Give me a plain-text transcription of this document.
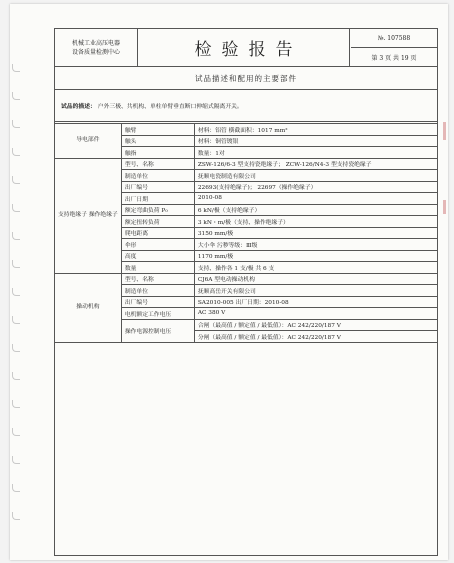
机械工业高压电器
设备质量检测中心	检验报告
№. 107588
第 3 页 共 19 页
试品描述和配用的主要部件
试品的描述： 户外三极、共机构、单柱单臂垂直断口伸缩式隔离开关。
导电部件	触臂	材料：铝管 横截面积：1017 mm²
	触头	材料：铜管镀银
	触指	数量：1对
支持绝缘子 操作绝缘子	型号、名称	ZSW-126/6-3 型支持瓷绝缘子； ZCW-126/N4-3 型支持瓷绝缘子
	制造单位	抚顺电瓷制造有限公司
	出厂编号	22693(支持绝缘子)； 22697（操作绝缘子）
	出厂日期	2010-08
	额定弯曲负荷 P₀	6 kN/极（支持绝缘子）
	额定扭转负荷	3 kN・m/极（支持、操作绝缘子）
	爬电距离	3150 mm/极
	伞形	大小伞 污秽等级：Ⅲ级
	高度	1170 mm/极
	数量	支持、操作各 1 支/极 共 6 支
操动机构	型号、名称	CJ6A 型电动操动机构
	制造单位	抚顺高岳开关有限公司
	出厂编号	SA2010-005 出厂日期：2010-08
	电机额定工作电压	AC 380 V
	操作电源控制电压	合闸（最高值 / 额定值 / 最低值）：AC 242/220/187 V
		分闸（最高值 / 额定值 / 最低值）：AC 242/220/187 V
